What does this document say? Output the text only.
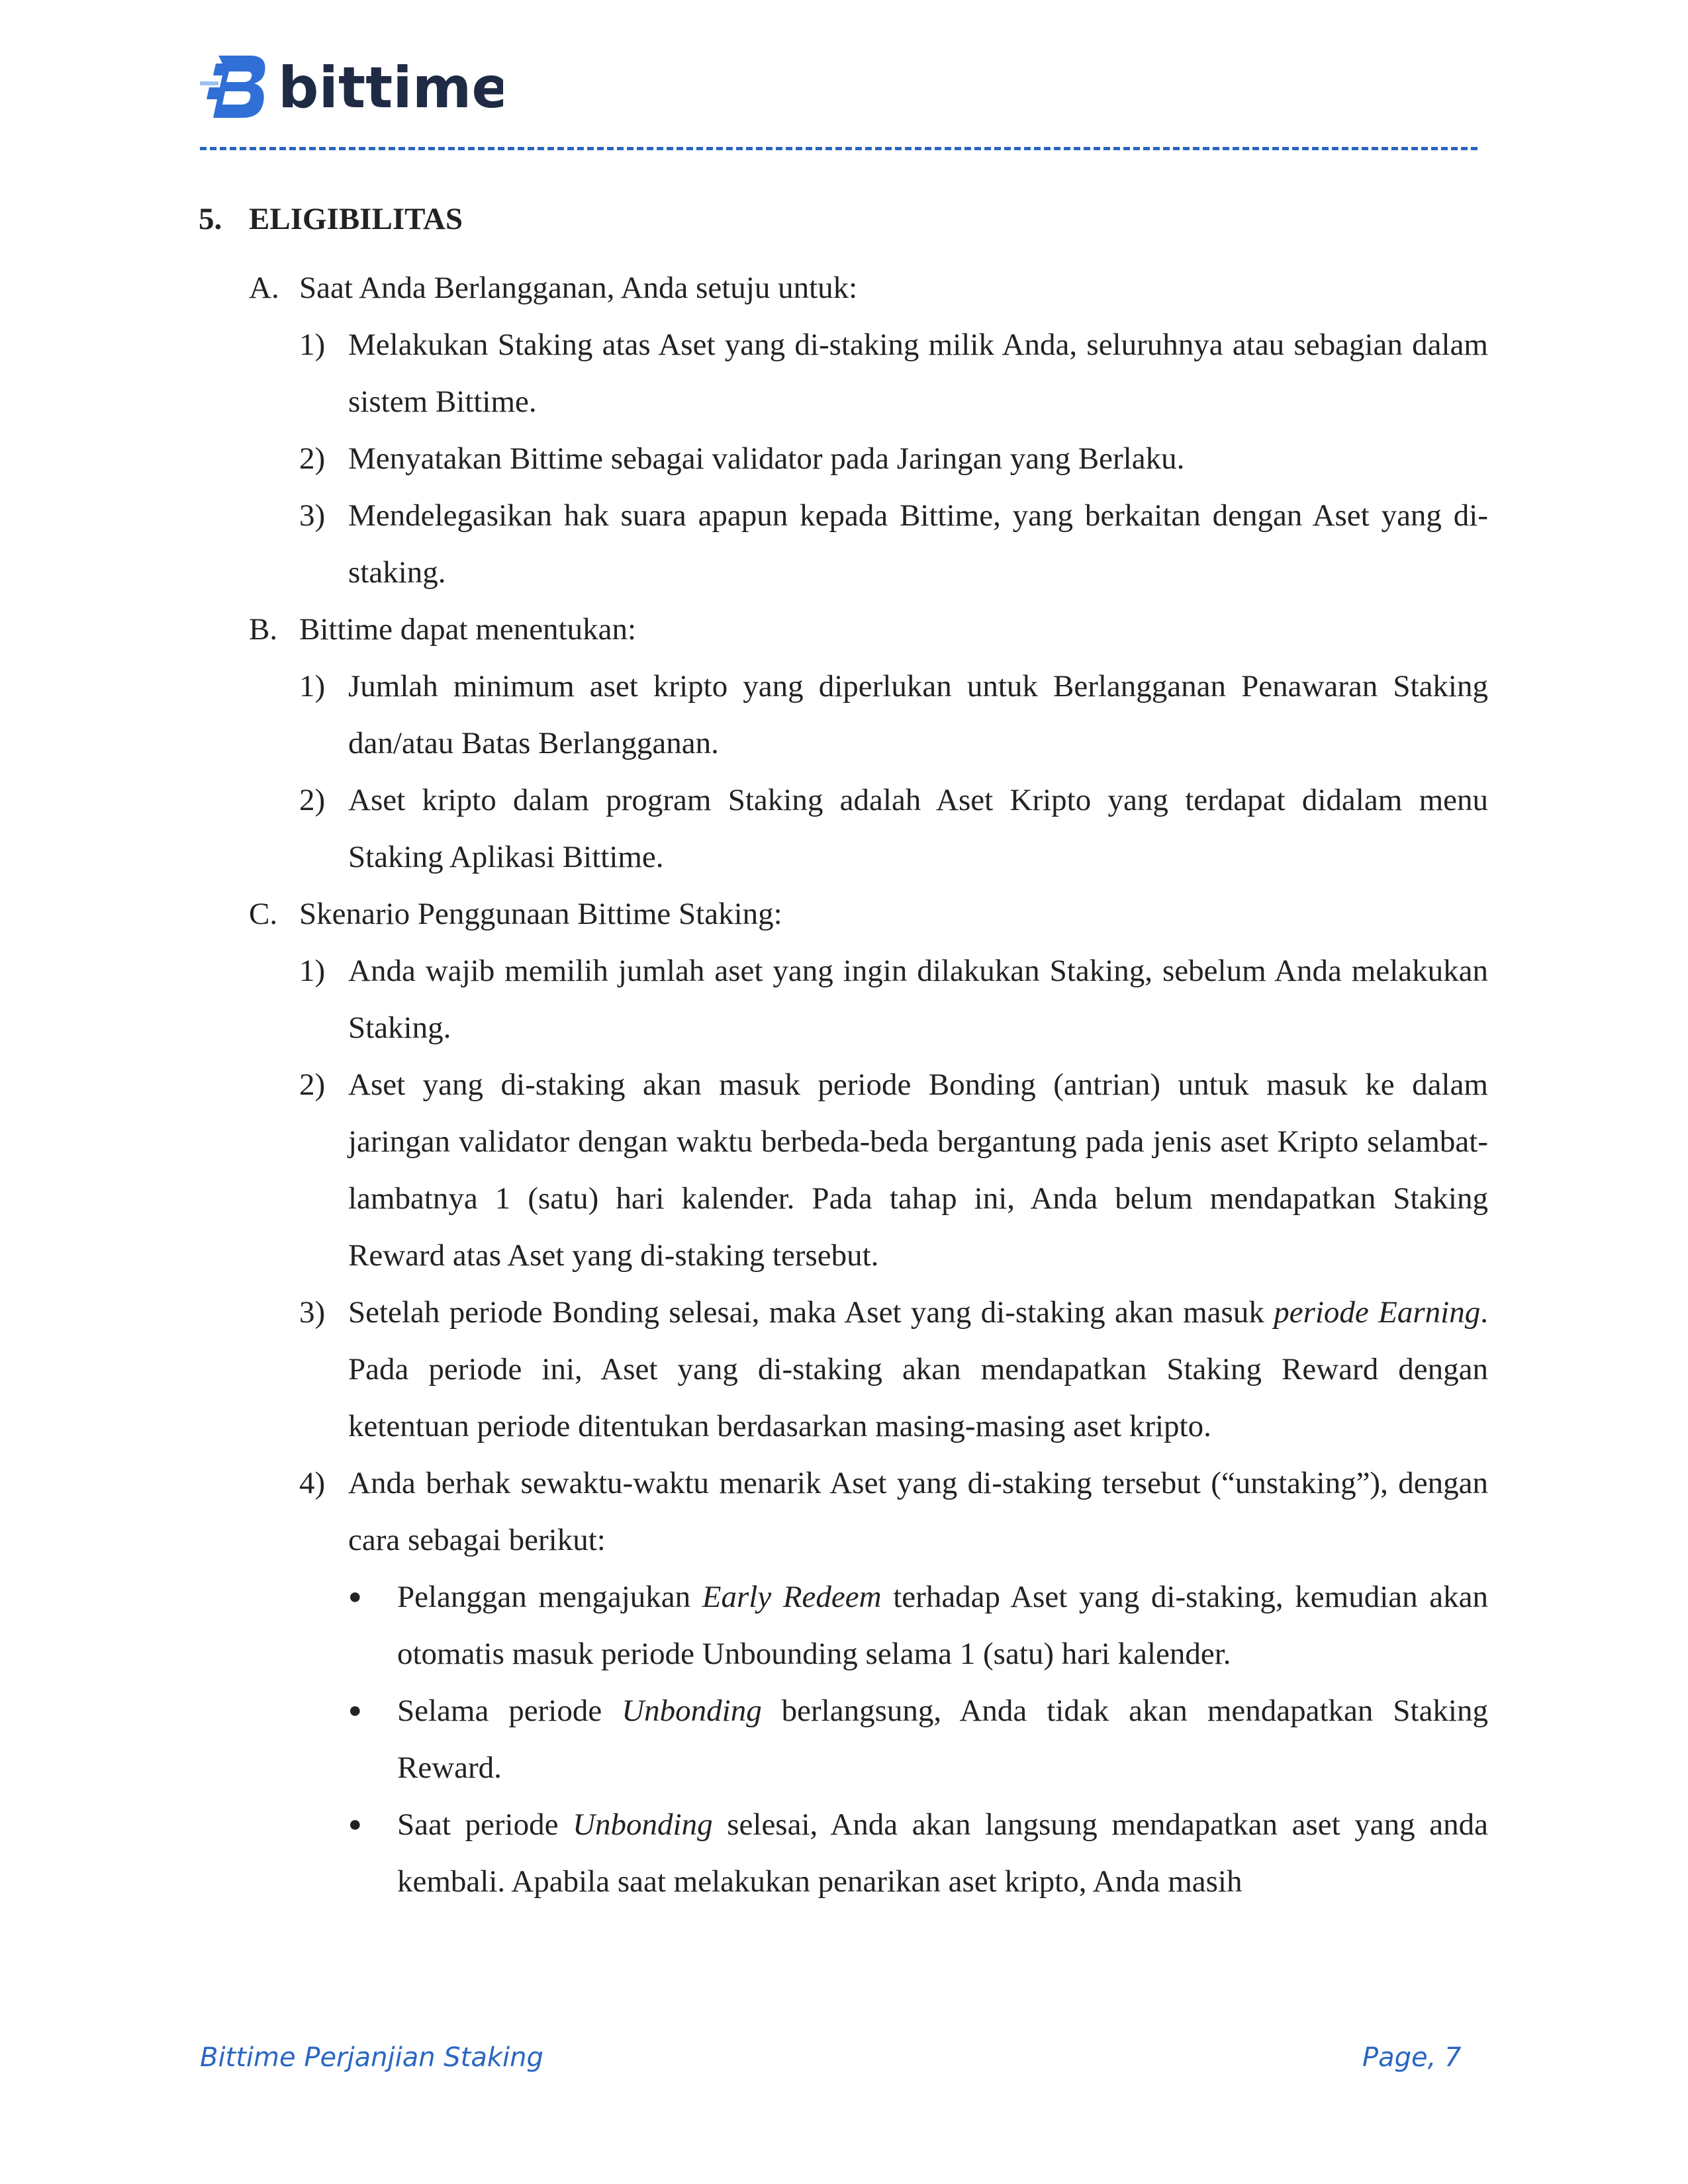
bittime
5. ELIGIBILITAS
A. Saat Anda Berlangganan, Anda setuju untuk:
1) Melakukan Staking atas Aset yang di-staking milik Anda, seluruhnya atau sebagian dalam sistem Bittime.
2) Menyatakan Bittime sebagai validator pada Jaringan yang Berlaku.
3) Mendelegasikan hak suara apapun kepada Bittime, yang berkaitan dengan Aset yang di-staking.
B. Bittime dapat menentukan:
1) Jumlah minimum aset kripto yang diperlukan untuk Berlangganan Penawaran Staking dan/atau Batas Berlangganan.
2) Aset kripto dalam program Staking adalah Aset Kripto yang terdapat didalam menu Staking Aplikasi Bittime.
C. Skenario Penggunaan Bittime Staking:
1) Anda wajib memilih jumlah aset yang ingin dilakukan Staking, sebelum Anda melakukan Staking.
2) Aset yang di-staking akan masuk periode Bonding (antrian) untuk masuk ke dalam jaringan validator dengan waktu berbeda-beda bergantung pada jenis aset Kripto selambat-lambatnya 1 (satu) hari kalender. Pada tahap ini, Anda belum mendapatkan Staking Reward atas Aset yang di-staking tersebut.
3) Setelah periode Bonding selesai, maka Aset yang di-staking akan masuk periode Earning. Pada periode ini, Aset yang di-staking akan mendapatkan Staking Reward dengan ketentuan periode ditentukan berdasarkan masing-masing aset kripto.
4) Anda berhak sewaktu-waktu menarik Aset yang di-staking tersebut (“unstaking”), dengan cara sebagai berikut:
●	Pelanggan mengajukan Early Redeem terhadap Aset yang di-staking, kemudian akan otomatis masuk periode Unbounding selama 1 (satu) hari kalender.
●	Selama periode Unbonding berlangsung, Anda tidak akan mendapatkan Staking Reward.
●	Saat periode Unbonding selesai, Anda akan langsung mendapatkan aset yang anda kembali. Apabila saat melakukan penarikan aset kripto, Anda masih
Bittime Perjanjian Staking	Page, 7
